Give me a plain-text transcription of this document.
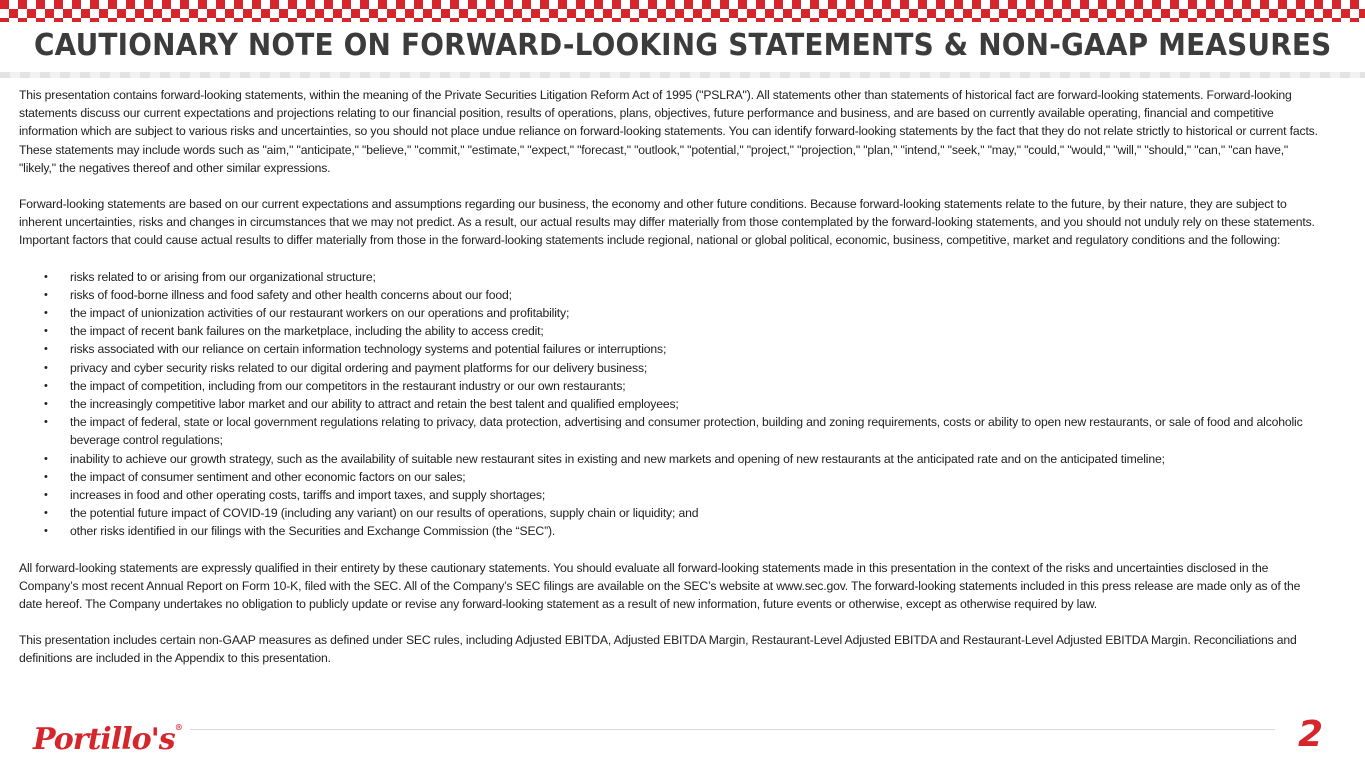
CAUTIONARY NOTE ON FORWARD-LOOKING STATEMENTS & NON-GAAP MEASURES

This presentation contains forward-looking statements, within the meaning of the Private Securities Litigation Reform Act of 1995 ("PSLRA"). All statements other than statements of historical fact are forward-looking statements. Forward-looking statements discuss our current expectations and projections relating to our financial position, results of operations, plans, objectives, future performance and business, and are based on currently available operating, financial and competitive information which are subject to various risks and uncertainties, so you should not place undue reliance on forward-looking statements. You can identify forward-looking statements by the fact that they do not relate strictly to historical or current facts. These statements may include words such as "aim," "anticipate," "believe," "commit," "estimate," "expect," "forecast," "outlook," "potential," "project," "projection," "plan," "intend," "seek," "may," "could," "would," "will," "should," "can," "can have," "likely," the negatives thereof and other similar expressions.

Forward-looking statements are based on our current expectations and assumptions regarding our business, the economy and other future conditions. Because forward-looking statements relate to the future, by their nature, they are subject to inherent uncertainties, risks and changes in circumstances that we may not predict. As a result, our actual results may differ materially from those contemplated by the forward-looking statements, and you should not unduly rely on these statements. Important factors that could cause actual results to differ materially from those in the forward-looking statements include regional, national or global political, economic, business, competitive, market and regulatory conditions and the following:

• risks related to or arising from our organizational structure;
• risks of food-borne illness and food safety and other health concerns about our food;
• the impact of unionization activities of our restaurant workers on our operations and profitability;
• the impact of recent bank failures on the marketplace, including the ability to access credit;
• risks associated with our reliance on certain information technology systems and potential failures or interruptions;
• privacy and cyber security risks related to our digital ordering and payment platforms for our delivery business;
• the impact of competition, including from our competitors in the restaurant industry or our own restaurants;
• the increasingly competitive labor market and our ability to attract and retain the best talent and qualified employees;
• the impact of federal, state or local government regulations relating to privacy, data protection, advertising and consumer protection, building and zoning requirements, costs or ability to open new restaurants, or sale of food and alcoholic beverage control regulations;
• inability to achieve our growth strategy, such as the availability of suitable new restaurant sites in existing and new markets and opening of new restaurants at the anticipated rate and on the anticipated timeline;
• the impact of consumer sentiment and other economic factors on our sales;
• increases in food and other operating costs, tariffs and import taxes, and supply shortages;
• the potential future impact of COVID-19 (including any variant) on our results of operations, supply chain or liquidity; and
• other risks identified in our filings with the Securities and Exchange Commission (the “SEC”).

All forward-looking statements are expressly qualified in their entirety by these cautionary statements. You should evaluate all forward-looking statements made in this presentation in the context of the risks and uncertainties disclosed in the Company’s most recent Annual Report on Form 10-K, filed with the SEC. All of the Company’s SEC filings are available on the SEC’s website at www.sec.gov. The forward-looking statements included in this press release are made only as of the date hereof. The Company undertakes no obligation to publicly update or revise any forward-looking statement as a result of new information, future events or otherwise, except as otherwise required by law.

This presentation includes certain non-GAAP measures as defined under SEC rules, including Adjusted EBITDA, Adjusted EBITDA Margin, Restaurant-Level Adjusted EBITDA and Restaurant-Level Adjusted EBITDA Margin. Reconciliations and definitions are included in the Appendix to this presentation.

Portillo's®	2
